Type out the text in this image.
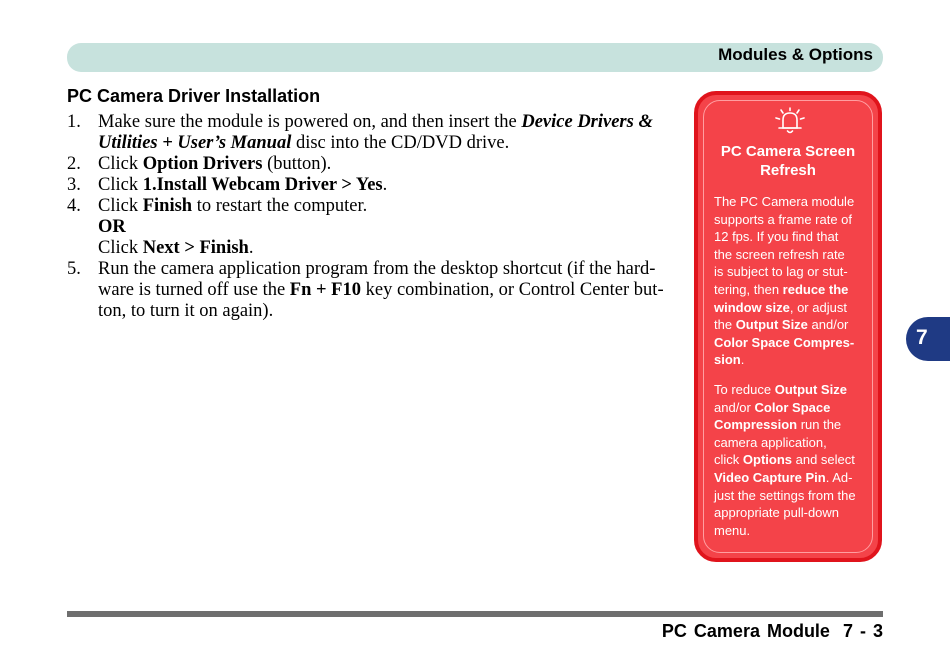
Modules & Options
PC Camera Driver Installation
1. Make sure the module is powered on, and then insert the Device Drivers &
Utilities + User’s Manual disc into the CD/DVD drive.
2. Click Option Drivers (button).
3. Click 1.Install Webcam Driver > Yes.
4. Click Finish to restart the computer.
OR
Click Next > Finish.
5. Run the camera application program from the desktop shortcut (if the hard-
ware is turned off use the Fn + F10 key combination, or Control Center but-
ton, to turn it on again).
PC Camera Screen
Refresh
The PC Camera module
supports a frame rate of
12 fps. If you find that
the screen refresh rate
is subject to lag or stut-
tering, then reduce the
window size, or adjust
the Output Size and/or
Color Space Compres-
sion.
To reduce Output Size
and/or Color Space
Compression run the
camera application,
click Options and select
Video Capture Pin. Ad-
just the settings from the
appropriate pull-down
menu.
7
PC Camera Module 7 - 3
